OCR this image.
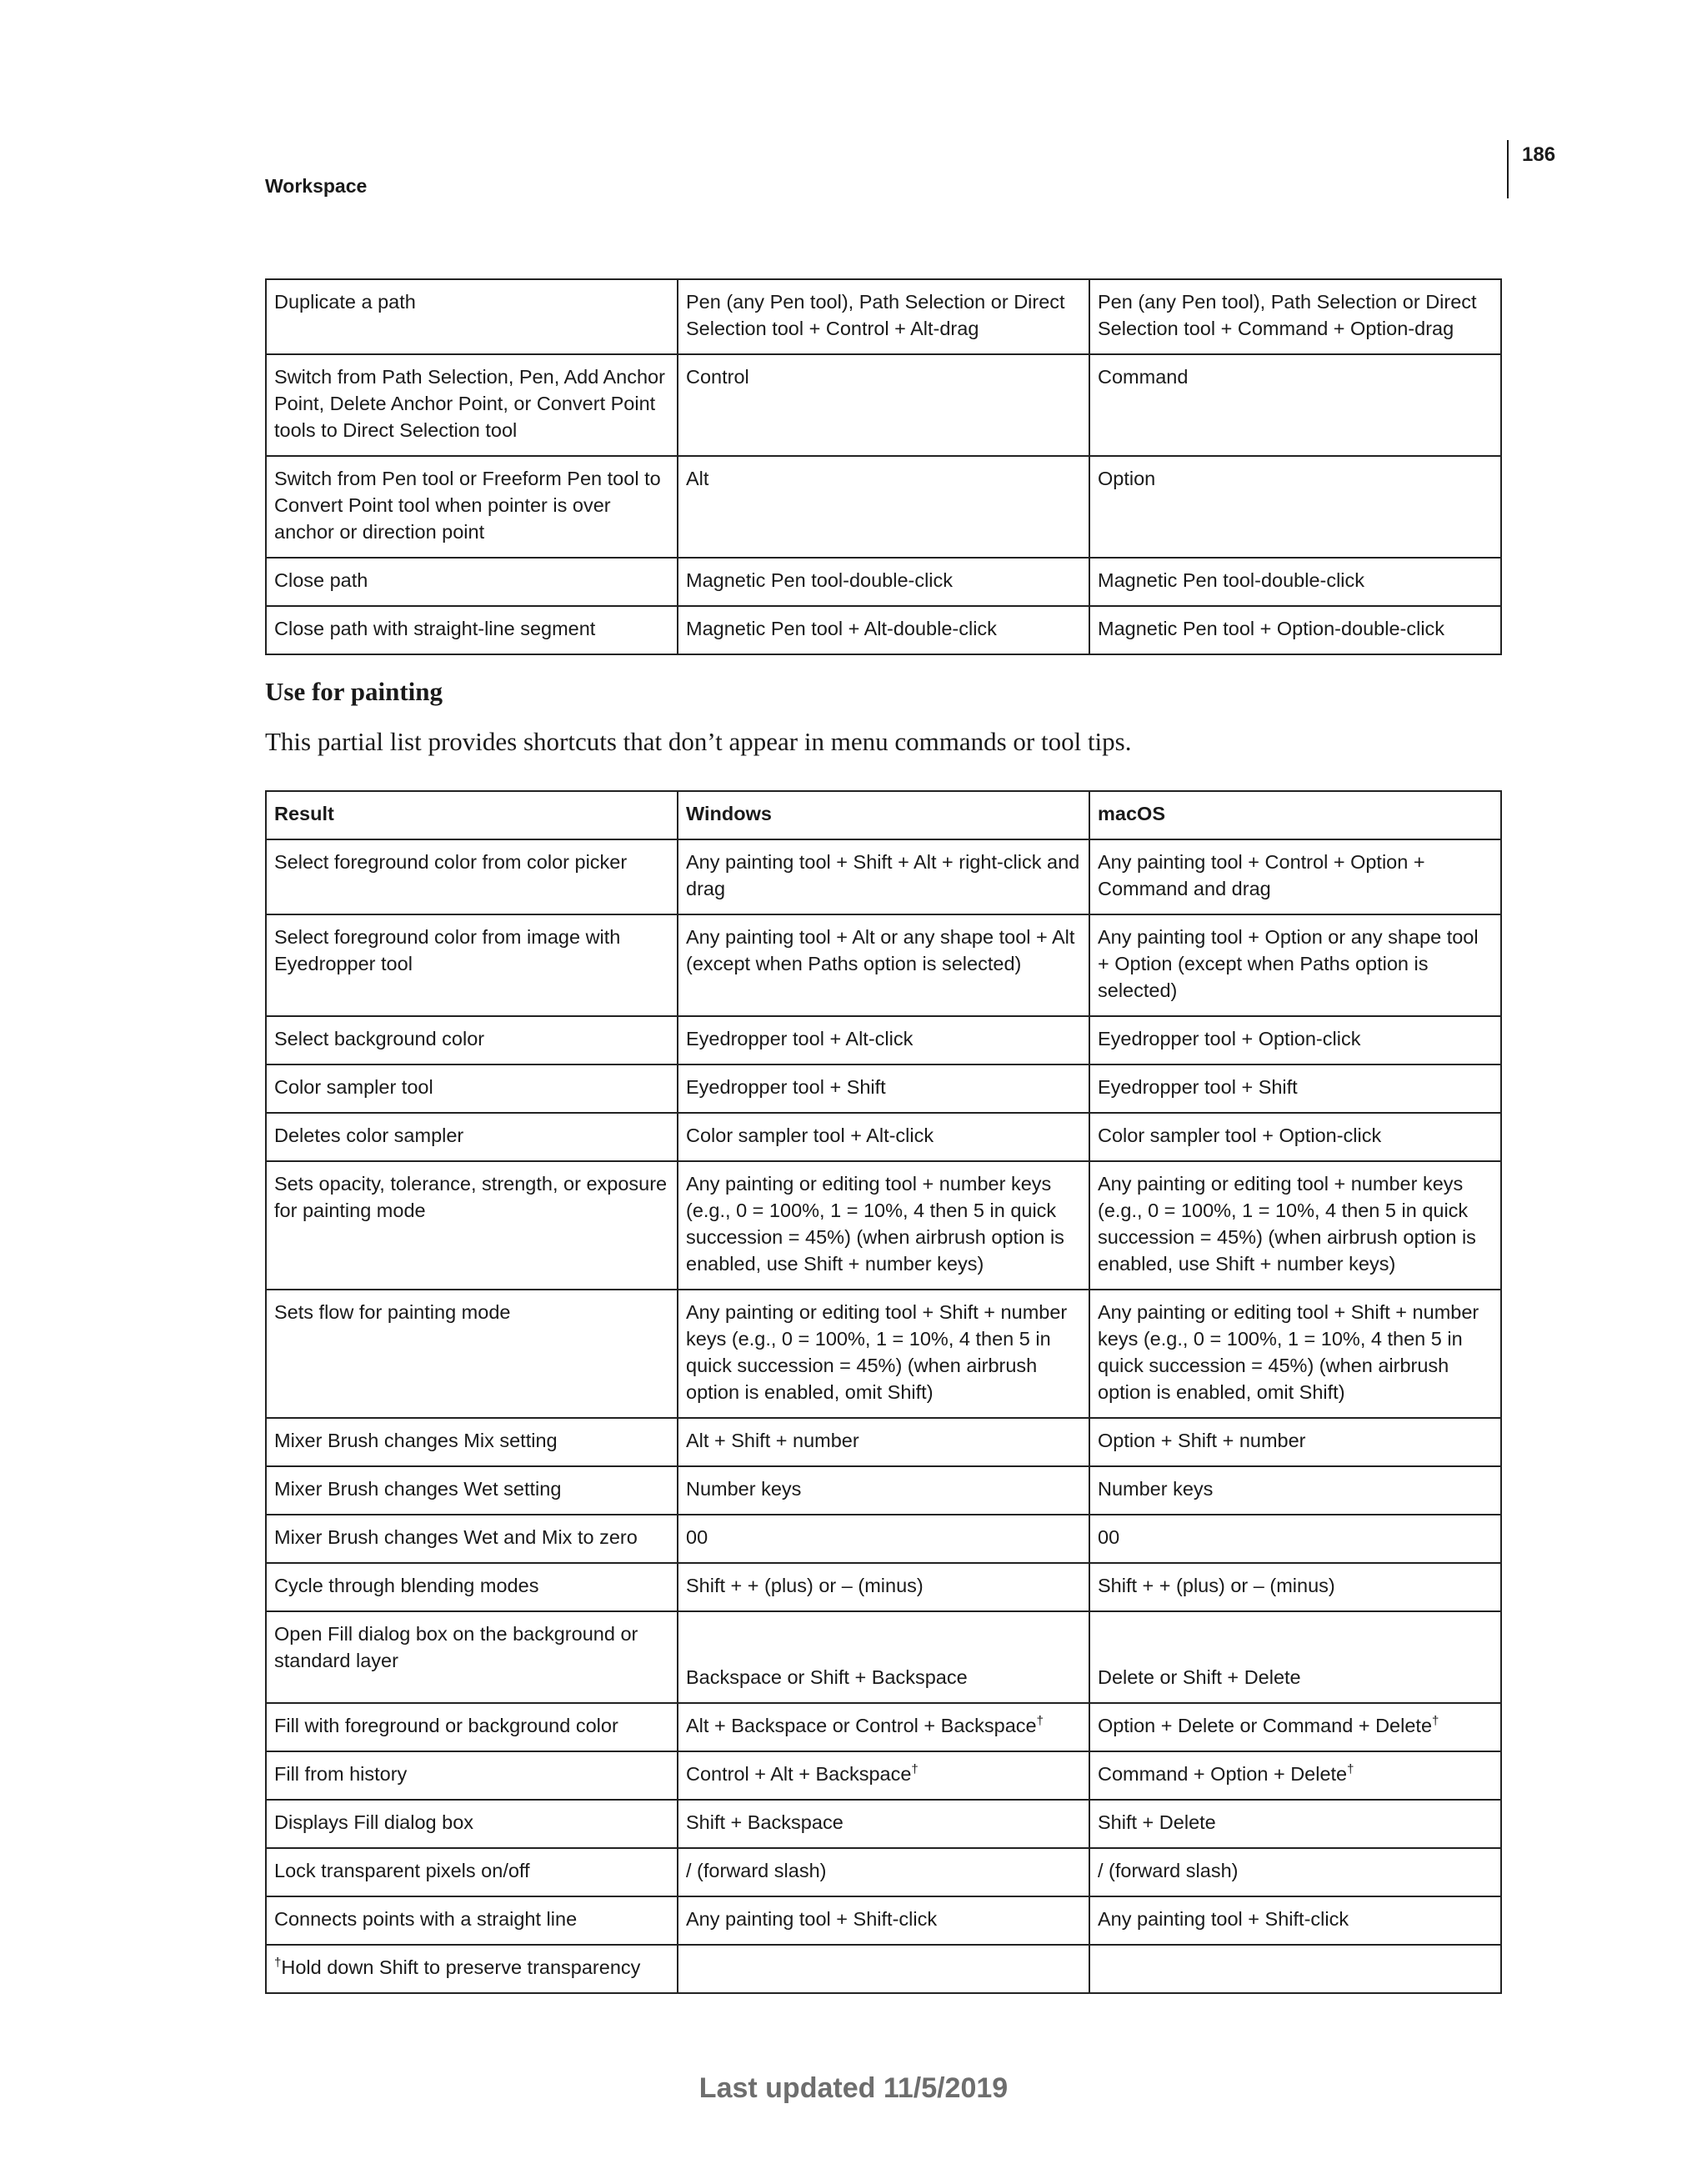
186
Workspace
Duplicate a path	Pen (any Pen tool), Path Selection or Direct Selection tool + Control + Alt-drag	Pen (any Pen tool), Path Selection or Direct Selection tool + Command + Option-drag
Switch from Path Selection, Pen, Add Anchor Point, Delete Anchor Point, or Convert Point tools to Direct Selection tool	Control	Command
Switch from Pen tool or Freeform Pen tool to Convert Point tool when pointer is over anchor or direction point	Alt	Option
Close path	Magnetic Pen tool-double-click	Magnetic Pen tool-double-click
Close path with straight-line segment	Magnetic Pen tool + Alt-double-click	Magnetic Pen tool + Option-double-click
Use for painting
This partial list provides shortcuts that don’t appear in menu commands or tool tips.
Result	Windows	macOS
Select foreground color from color picker	Any painting tool + Shift + Alt + right-click and drag	Any painting tool + Control + Option + Command and drag
Select foreground color from image with Eyedropper tool	Any painting tool + Alt or any shape tool + Alt (except when Paths option is selected)	Any painting tool + Option or any shape tool + Option (except when Paths option is selected)
Select background color	Eyedropper tool + Alt-click	Eyedropper tool + Option-click
Color sampler tool	Eyedropper tool + Shift	Eyedropper tool + Shift
Deletes color sampler	Color sampler tool + Alt-click	Color sampler tool + Option-click
Sets opacity, tolerance, strength, or exposure for painting mode	Any painting or editing tool + number keys (e.g., 0 = 100%, 1 = 10%, 4 then 5 in quick succession = 45%) (when airbrush option is enabled, use Shift + number keys)	Any painting or editing tool + number keys (e.g., 0 = 100%, 1 = 10%, 4 then 5 in quick succession = 45%) (when airbrush option is enabled, use Shift + number keys)
Sets flow for painting mode	Any painting or editing tool + Shift + number keys (e.g., 0 = 100%, 1 = 10%, 4 then 5 in quick succession = 45%) (when airbrush option is enabled, omit Shift)	Any painting or editing tool + Shift + number keys (e.g., 0 = 100%, 1 = 10%, 4 then 5 in quick succession = 45%) (when airbrush option is enabled, omit Shift)
Mixer Brush changes Mix setting	Alt + Shift + number	Option + Shift + number
Mixer Brush changes Wet setting	Number keys	Number keys
Mixer Brush changes Wet and Mix to zero	00	00
Cycle through blending modes	Shift + + (plus) or – (minus)	Shift + + (plus) or – (minus)
Open Fill dialog box on the background or standard layer	Backspace or Shift + Backspace	Delete or Shift + Delete
Fill with foreground or background color	Alt + Backspace or Control + Backspace†	Option + Delete or Command + Delete†
Fill from history	Control + Alt + Backspace†	Command + Option + Delete†
Displays Fill dialog box	Shift + Backspace	Shift + Delete
Lock transparent pixels on/off	/ (forward slash)	/ (forward slash)
Connects points with a straight line	Any painting tool + Shift-click	Any painting tool + Shift-click
†Hold down Shift to preserve transparency		
Last updated 11/5/2019
